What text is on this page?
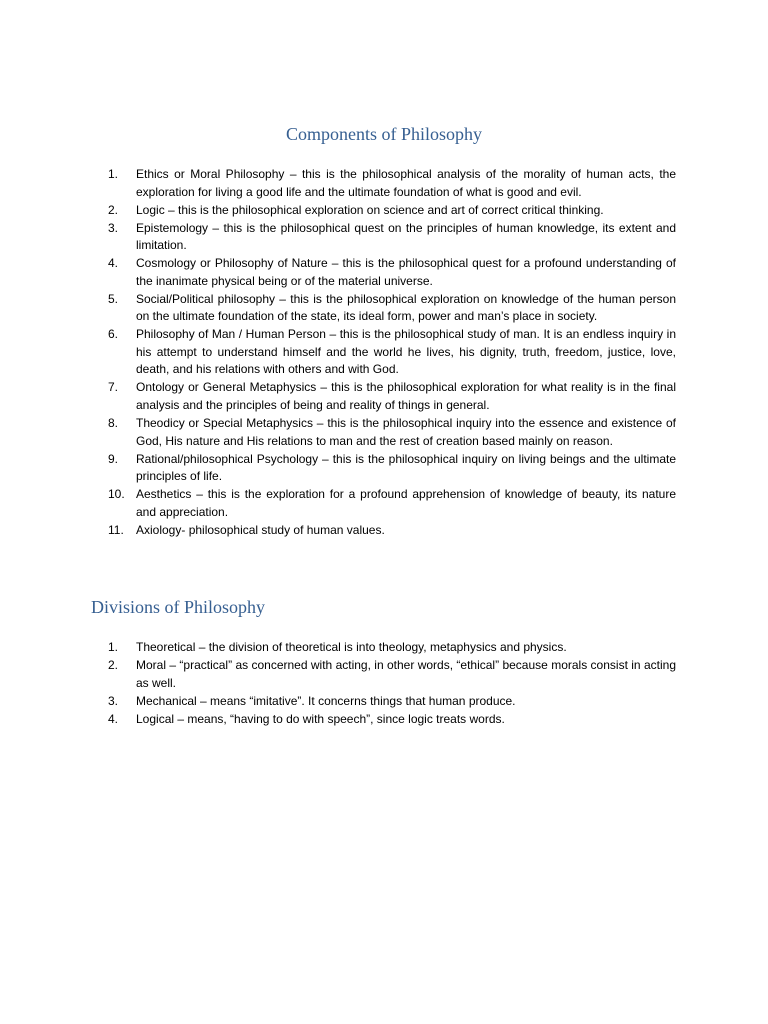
Components of Philosophy
1.	Ethics or Moral Philosophy – this is the philosophical analysis of the morality of human acts, the exploration for living a good life and the ultimate foundation of what is good and evil.
2.	Logic – this is the philosophical exploration on science and art of correct critical thinking.
3.	Epistemology – this is the philosophical quest on the principles of human knowledge, its extent and limitation.
4.	Cosmology or Philosophy of Nature – this is the philosophical quest for a profound understanding of the inanimate physical being or of the material universe.
5.	Social/Political philosophy – this is the philosophical exploration on knowledge of the human person on the ultimate foundation of the state, its ideal form, power and man’s place in society.
6.	Philosophy of Man / Human Person – this is the philosophical study of man. It is an endless inquiry in his attempt to understand himself and the world he lives, his dignity, truth, freedom, justice, love, death, and his relations with others and with God.
7.	Ontology or General Metaphysics – this is the philosophical exploration for what reality is in the final analysis and the principles of being and reality of things in general.
8.	Theodicy or Special Metaphysics – this is the philosophical inquiry into the essence and existence of God, His nature and His relations to man and the rest of creation based mainly on reason.
9.	Rational/philosophical Psychology – this is the philosophical inquiry on living beings and the ultimate principles of life.
10. Aesthetics – this is the exploration for a profound apprehension of knowledge of beauty, its nature and appreciation.
11.	Axiology- philosophical study of human values.
Divisions of Philosophy
1.	Theoretical – the division of theoretical is into theology, metaphysics and physics.
2.	Moral – “practical” as concerned with acting, in other words, “ethical” because morals consist in acting as well.
3.	Mechanical – means “imitative”. It concerns things that human produce.
4.	Logical – means, “having to do with speech”, since logic treats words.
